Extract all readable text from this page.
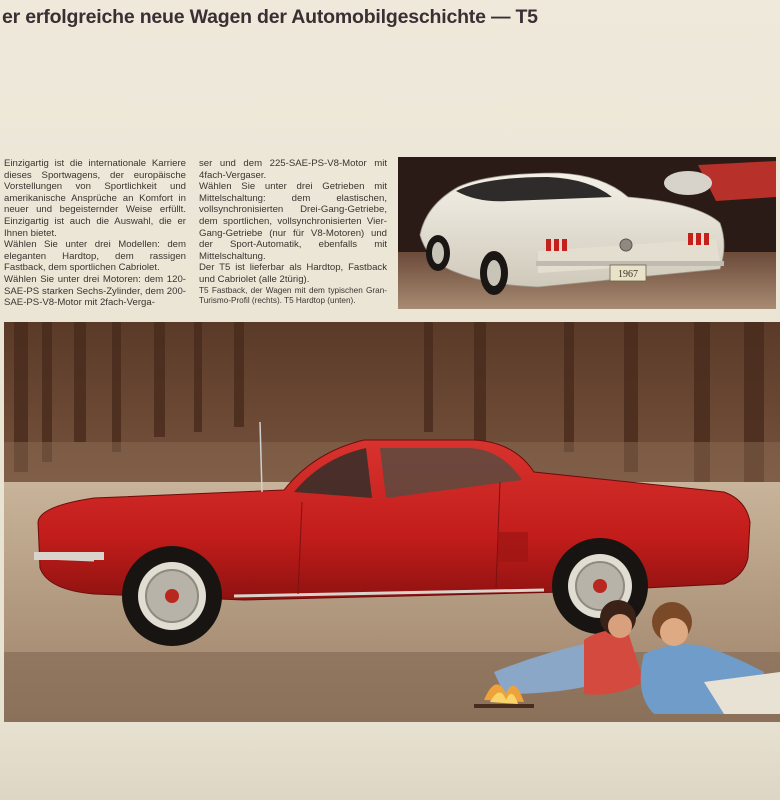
er erfolgreiche neue Wagen der Automobilgeschichte — T5

Einzigartig ist die internationale Karriere dieses Sportwagens, der europäische Vorstellungen von Sportlichkeit und amerikanische Ansprüche an Komfort in neuer und begeisternder Weise erfüllt. Einzigartig ist auch die Auswahl, die er Ihnen bietet.

Wählen Sie unter drei Modellen: dem eleganten Hardtop, dem rassigen Fastback, dem sportlichen Cabriolet.

Wählen Sie unter drei Motoren: dem 120-SAE-PS starken Sechs-Zylinder, dem 200-SAE-PS-V8-Motor mit 2fach-Verga-

ser und dem 225-SAE-PS-V8-Motor mit 4fach-Vergaser.

Wählen Sie unter drei Getrieben mit Mittelschaltung: dem elastischen, vollsynchronisierten Drei-Gang-Getriebe, dem sportlichen, vollsynchronisierten Vier-Gang-Getriebe (nur für V8-Motoren) und der Sport-Automatik, ebenfalls mit Mittelschaltung.

Der T5 ist lieferbar als Hardtop, Fastback und Cabriolet (alle 2türig).

T5 Fastback, der Wagen mit dem typischen Gran-Turismo-Profil (rechts). T5 Hardtop (unten).

1967
